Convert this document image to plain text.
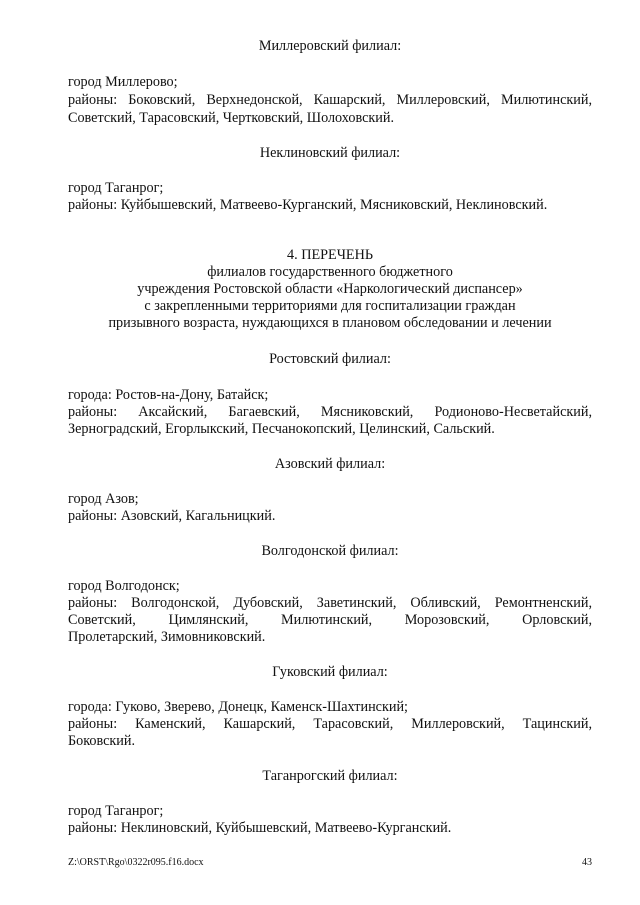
Миллеровский филиал:
город Миллерово;
районы: Боковский, Верхнедонской, Кашарский, Миллеровский, Милютинский,
Советский, Тарасовский, Чертковский, Шолоховский.
Неклиновский филиал:
город Таганрог;
районы: Куйбышевский, Матвеево-Курганский, Мясниковский, Неклиновский.
4. ПЕРЕЧЕНЬ
филиалов государственного бюджетного
учреждения Ростовской области «Наркологический диспансер»
с закрепленными территориями для госпитализации граждан
призывного возраста, нуждающихся в плановом обследовании и лечении
Ростовский филиал:
города: Ростов-на-Дону, Батайск;
районы: Аксайский, Багаевский, Мясниковский, Родионово-Несветайский,
Зерноградский, Егорлыкский, Песчанокопский, Целинский, Сальский.
Азовский филиал:
город Азов;
районы: Азовский, Кагальницкий.
Волгодонской филиал:
город Волгодонск;
районы: Волгодонской, Дубовский, Заветинский, Обливский, Ремонтненский,
Советский, Цимлянский, Милютинский, Морозовский, Орловский,
Пролетарский, Зимовниковский.
Гуковский филиал:
города: Гуково, Зверево, Донецк, Каменск-Шахтинский;
районы: Каменский, Кашарский, Тарасовский, Миллеровский, Тацинский,
Боковский.
Таганрогский филиал:
город Таганрог;
районы: Неклиновский, Куйбышевский, Матвеево-Курганский.
Z:\ORST\Rgo\0322r095.f16.docx	43
